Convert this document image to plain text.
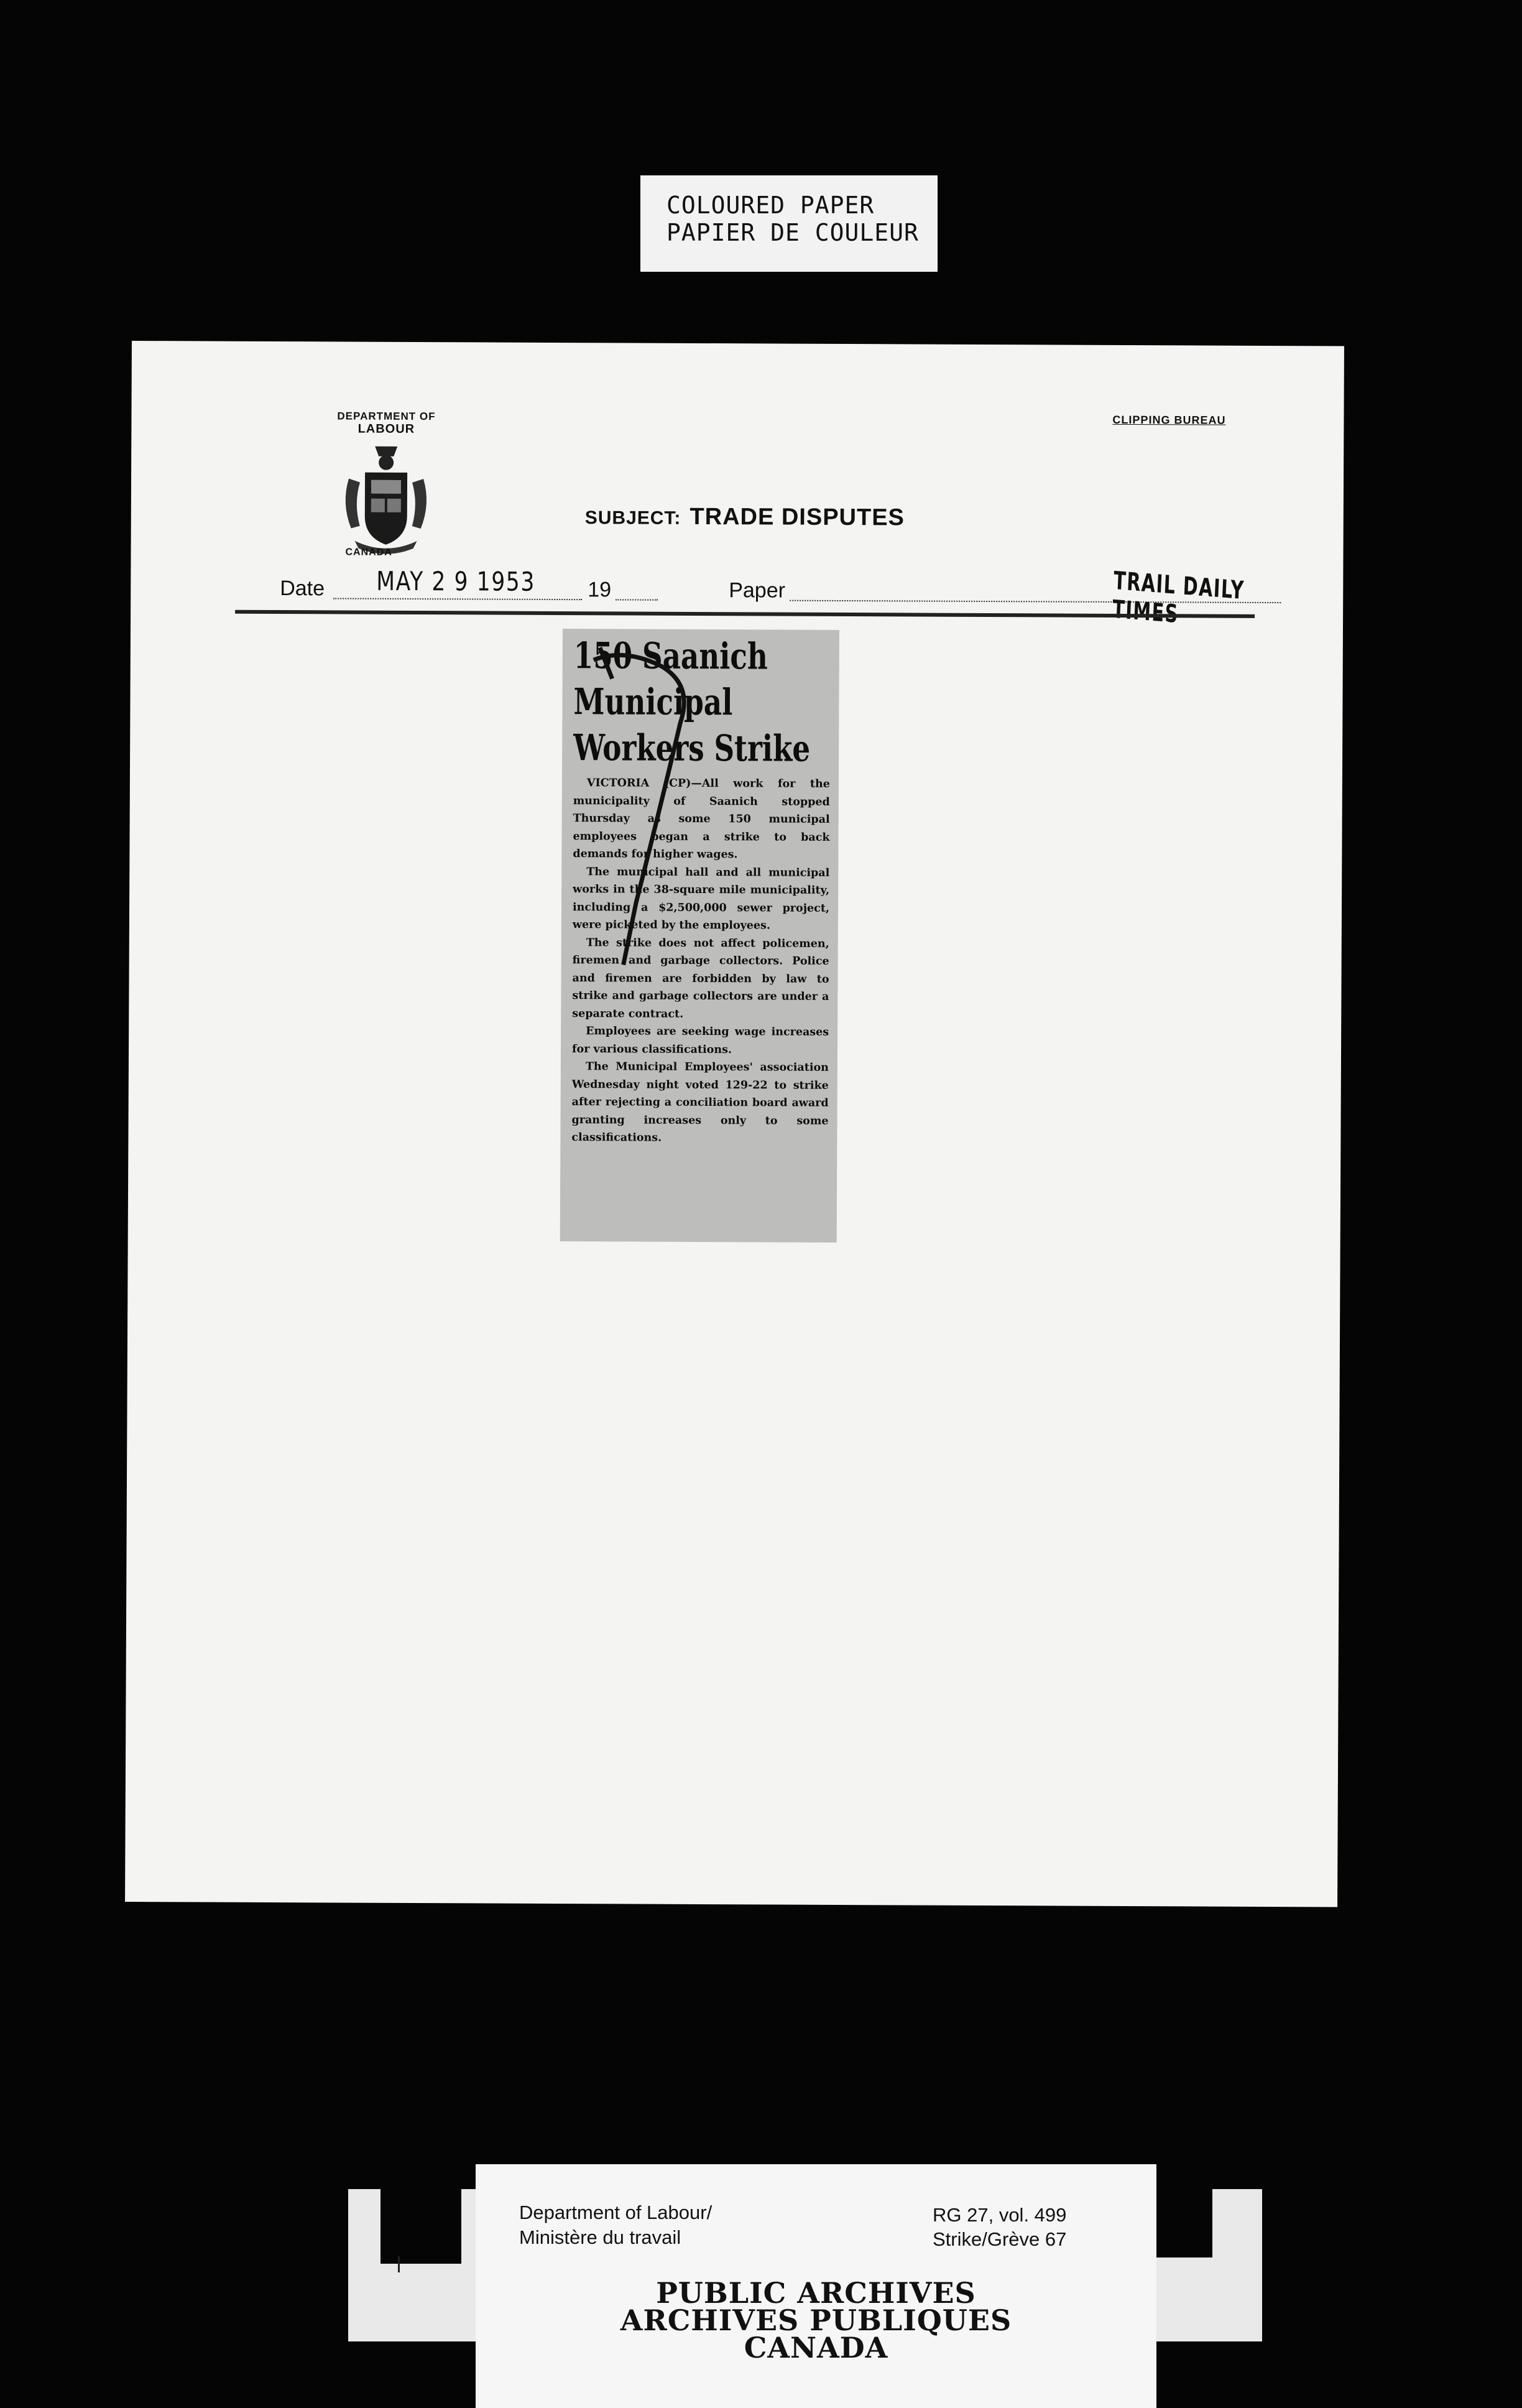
COLOURED PAPER
PAPIER DE COULEUR
DEPARTMENT OF
LABOUR
CANADA
CLIPPING BUREAU
SUBJECT: TRADE DISPUTES
Date MAY 2 9 1953 19	Paper	TRAIL DAILY TIMES
150 Saanich
Municipal
Workers Strike

VICTORIA (CP)—All work for the municipality of Saanich stopped Thursday as some 150 municipal employees began a strike to back demands for higher wages.

The municipal hall and all municipal works in the 38-square mile municipality, including a $2,500,000 sewer project, were picketed by the employees.

The strike does not affect policemen, firemen and garbage collectors. Police and firemen are forbidden by law to strike and garbage collectors are under a separate contract.

Employees are seeking wage increases for various classifications.

The Municipal Employees' association Wednesday night voted 129-22 to strike after rejecting a conciliation board award granting increases only to some classifications.

Department of Labour/
Ministère du travail
RG 27, vol. 499
Strike/Grève 67
PUBLIC ARCHIVES
ARCHIVES PUBLIQUES
CANADA
